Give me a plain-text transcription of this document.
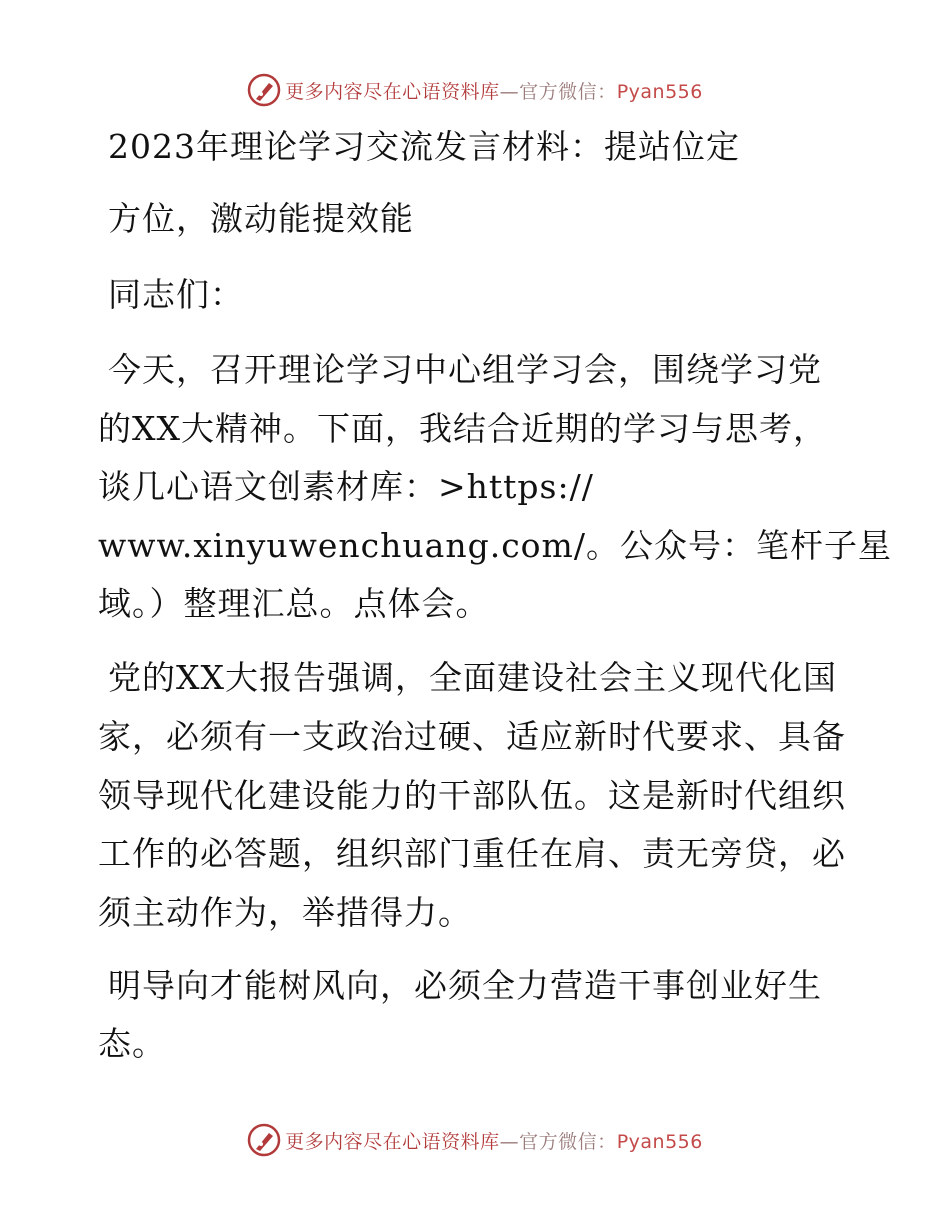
更多内容尽在心语资料库—官方微信：Pyan556
2023年理论学习交流发言材料：提站位定
方位，激动能提效能
同志们：
今天，召开理论学习中心组学习会，围绕学习党
的XX大精神。下面，我结合近期的学习与思考，
谈几心语文创素材库：>https://
www.xinyuwenchuang.com/。公众号：笔杆子星
域。）整理汇总。点体会。
党的XX大报告强调，全面建设社会主义现代化国
家，必须有一支政治过硬、适应新时代要求、具备
领导现代化建设能力的干部队伍。这是新时代组织
工作的必答题，组织部门重任在肩、责无旁贷，必
须主动作为，举措得力。
明导向才能树风向，必须全力营造干事创业好生
态。
更多内容尽在心语资料库—官方微信：Pyan556
